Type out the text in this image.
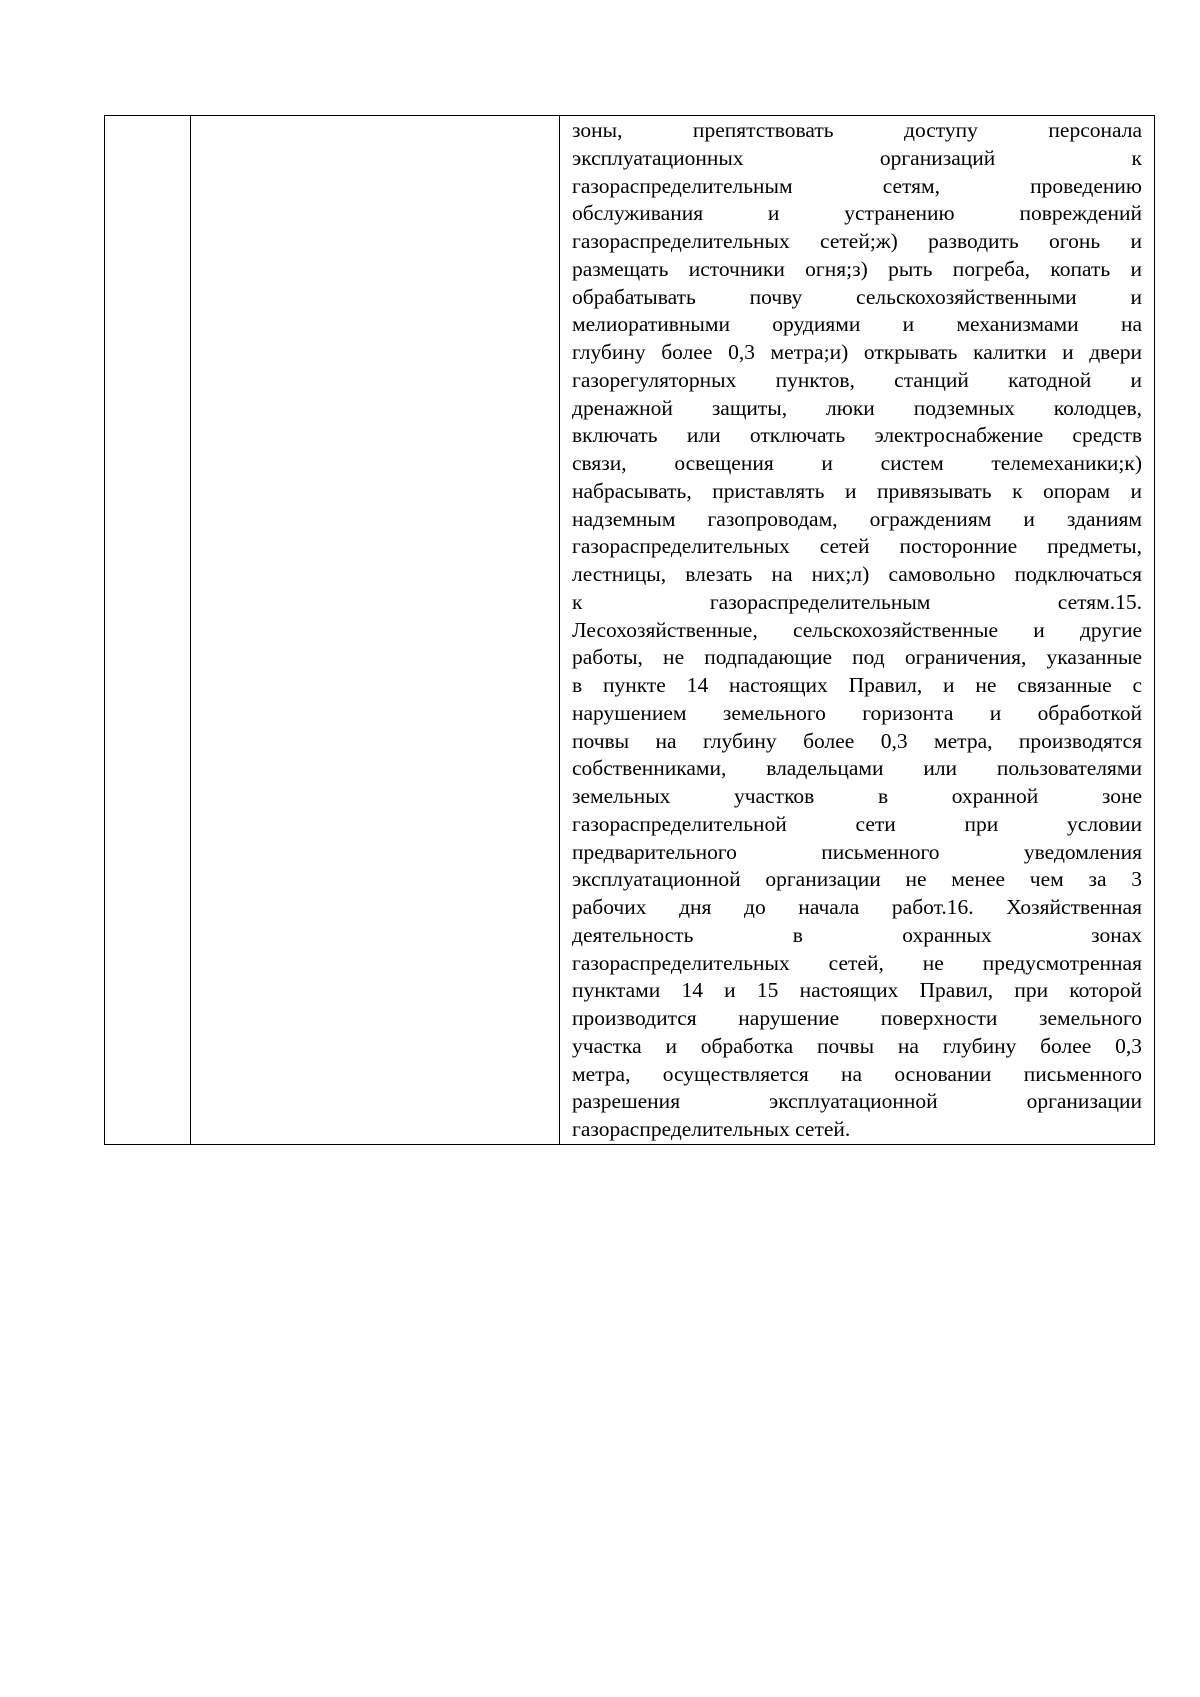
зоны, препятствовать доступу персонала
эксплуатационных организаций к
газораспределительным сетям, проведению
обслуживания и устранению повреждений
газораспределительных сетей;ж) разводить огонь и
размещать источники огня;з) рыть погреба, копать и
обрабатывать почву сельскохозяйственными и
мелиоративными орудиями и механизмами на
глубину более 0,3 метра;и) открывать калитки и двери
газорегуляторных пунктов, станций катодной и
дренажной защиты, люки подземных колодцев,
включать или отключать электроснабжение средств
связи, освещения и систем телемеханики;к)
набрасывать, приставлять и привязывать к опорам и
надземным газопроводам, ограждениям и зданиям
газораспределительных сетей посторонние предметы,
лестницы, влезать на них;л) самовольно подключаться
к газораспределительным сетям.15.
Лесохозяйственные, сельскохозяйственные и другие
работы, не подпадающие под ограничения, указанные
в пункте 14 настоящих Правил, и не связанные с
нарушением земельного горизонта и обработкой
почвы на глубину более 0,3 метра, производятся
собственниками, владельцами или пользователями
земельных участков в охранной зоне
газораспределительной сети при условии
предварительного письменного уведомления
эксплуатационной организации не менее чем за 3
рабочих дня до начала работ.16. Хозяйственная
деятельность в охранных зонах
газораспределительных сетей, не предусмотренная
пунктами 14 и 15 настоящих Правил, при которой
производится нарушение поверхности земельного
участка и обработка почвы на глубину более 0,3
метра, осуществляется на основании письменного
разрешения эксплуатационной организации
газораспределительных сетей.
